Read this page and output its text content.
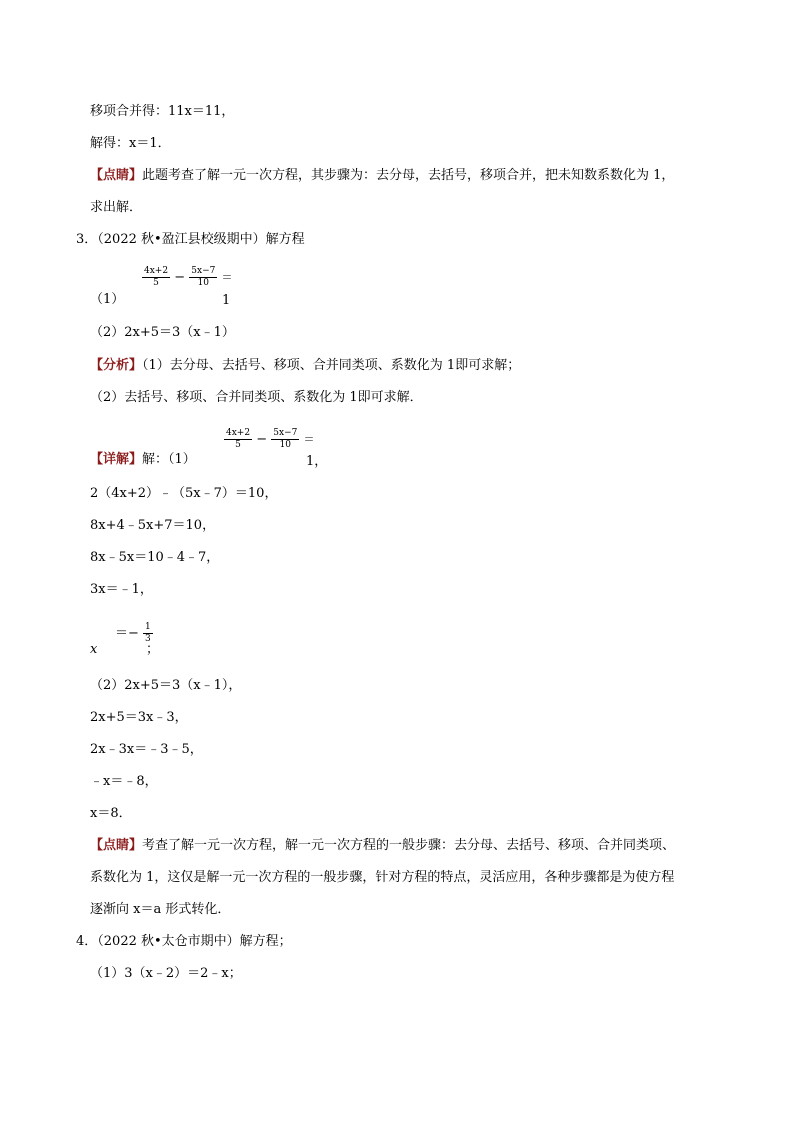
移项合并得：11x＝11，
解得：x＝1．
【点睛】此题考查了解一元一次方程，其步骤为：去分母，去括号，移项合并，把未知数系数化为 1，
求出解．
3．（2022 秋•盈江县校级期中）解方程
（1）
$\frac{4x+2}{5} - \frac{5x-7}{10}$ ＝
1
（2）2x+5＝3（x﹣1）
【分析】（1）去分母、去括号、移项、合并同类项、系数化为 1即可求解；
（2）去括号、移项、合并同类项、系数化为 1即可求解．
【详解】解：（1）
$\frac{4x+2}{5} - \frac{5x-7}{10}$ ＝
1，
2（4x+2）﹣（5x﹣7）＝10，
8x+4﹣5x+7＝10，
8x﹣5x＝10﹣4﹣7，
3x＝﹣1，
x
＝− $\frac{1}{3}$
；
（2）2x+5＝3（x﹣1），
2x+5＝3x﹣3，
2x﹣3x＝﹣3﹣5，
﹣x＝﹣8，
x＝8．
【点睛】考查了解一元一次方程，解一元一次方程的一般步骤：去分母、去括号、移项、合并同类项、
系数化为 1，这仅是解一元一次方程的一般步骤，针对方程的特点，灵活应用，各种步骤都是为使方程
逐渐向 x＝a 形式转化．
4．（2022 秋•太仓市期中）解方程；
（1）3（x﹣2）＝2﹣x；
